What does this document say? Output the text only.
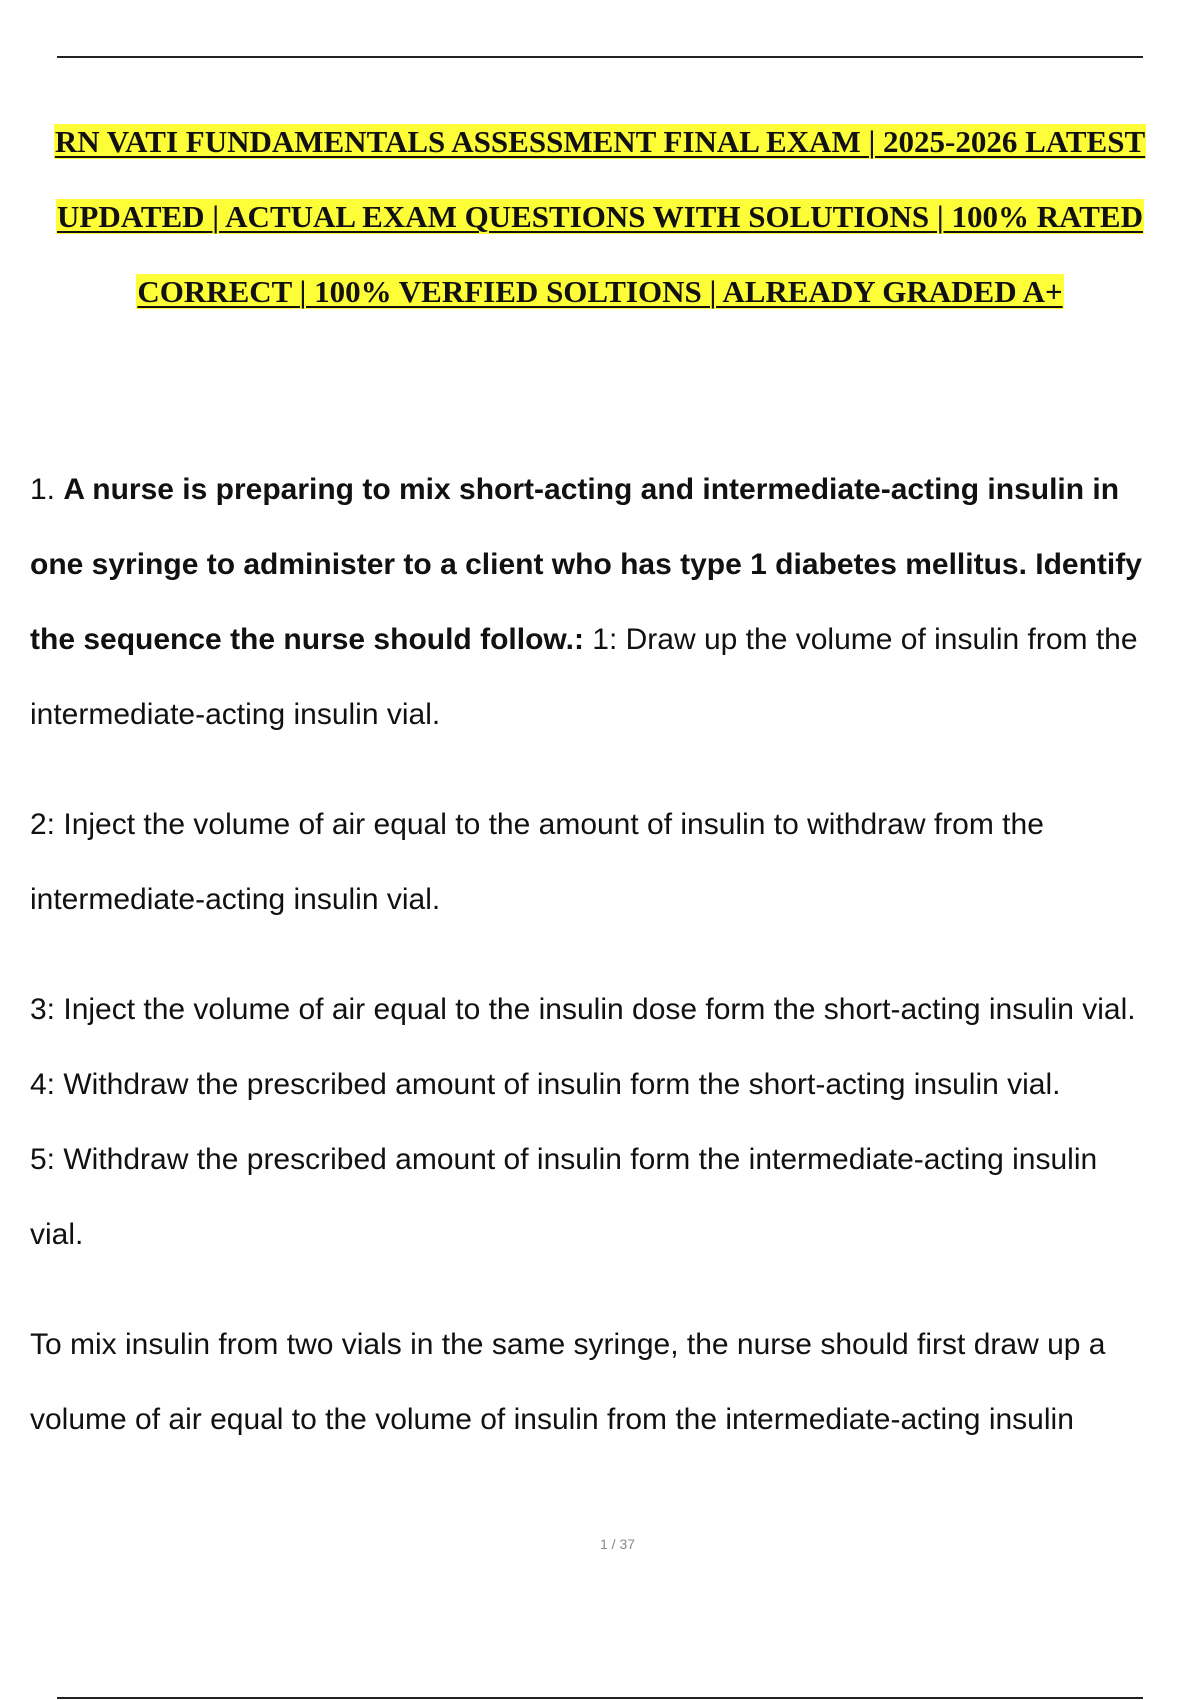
RN VATI FUNDAMENTALS ASSESSMENT FINAL EXAM | 2025-2026 LATEST
UPDATED | ACTUAL EXAM QUESTIONS WITH SOLUTIONS | 100% RATED
CORRECT | 100% VERFIED SOLTIONS | ALREADY GRADED A+
1. A nurse is preparing to mix short-acting and intermediate-acting insulin in
one syringe to administer to a client who has type 1 diabetes mellitus. Identify
the sequence the nurse should follow.: 1: Draw up the volume of insulin from the
intermediate-acting insulin vial.
2: Inject the volume of air equal to the amount of insulin to withdraw from the
intermediate-acting insulin vial.
3: Inject the volume of air equal to the insulin dose form the short-acting insulin vial.
4: Withdraw the prescribed amount of insulin form the short-acting insulin vial.
5: Withdraw the prescribed amount of insulin form the intermediate-acting insulin
vial.
To mix insulin from two vials in the same syringe, the nurse should first draw up a
volume of air equal to the volume of insulin from the intermediate-acting insulin
1 / 37
